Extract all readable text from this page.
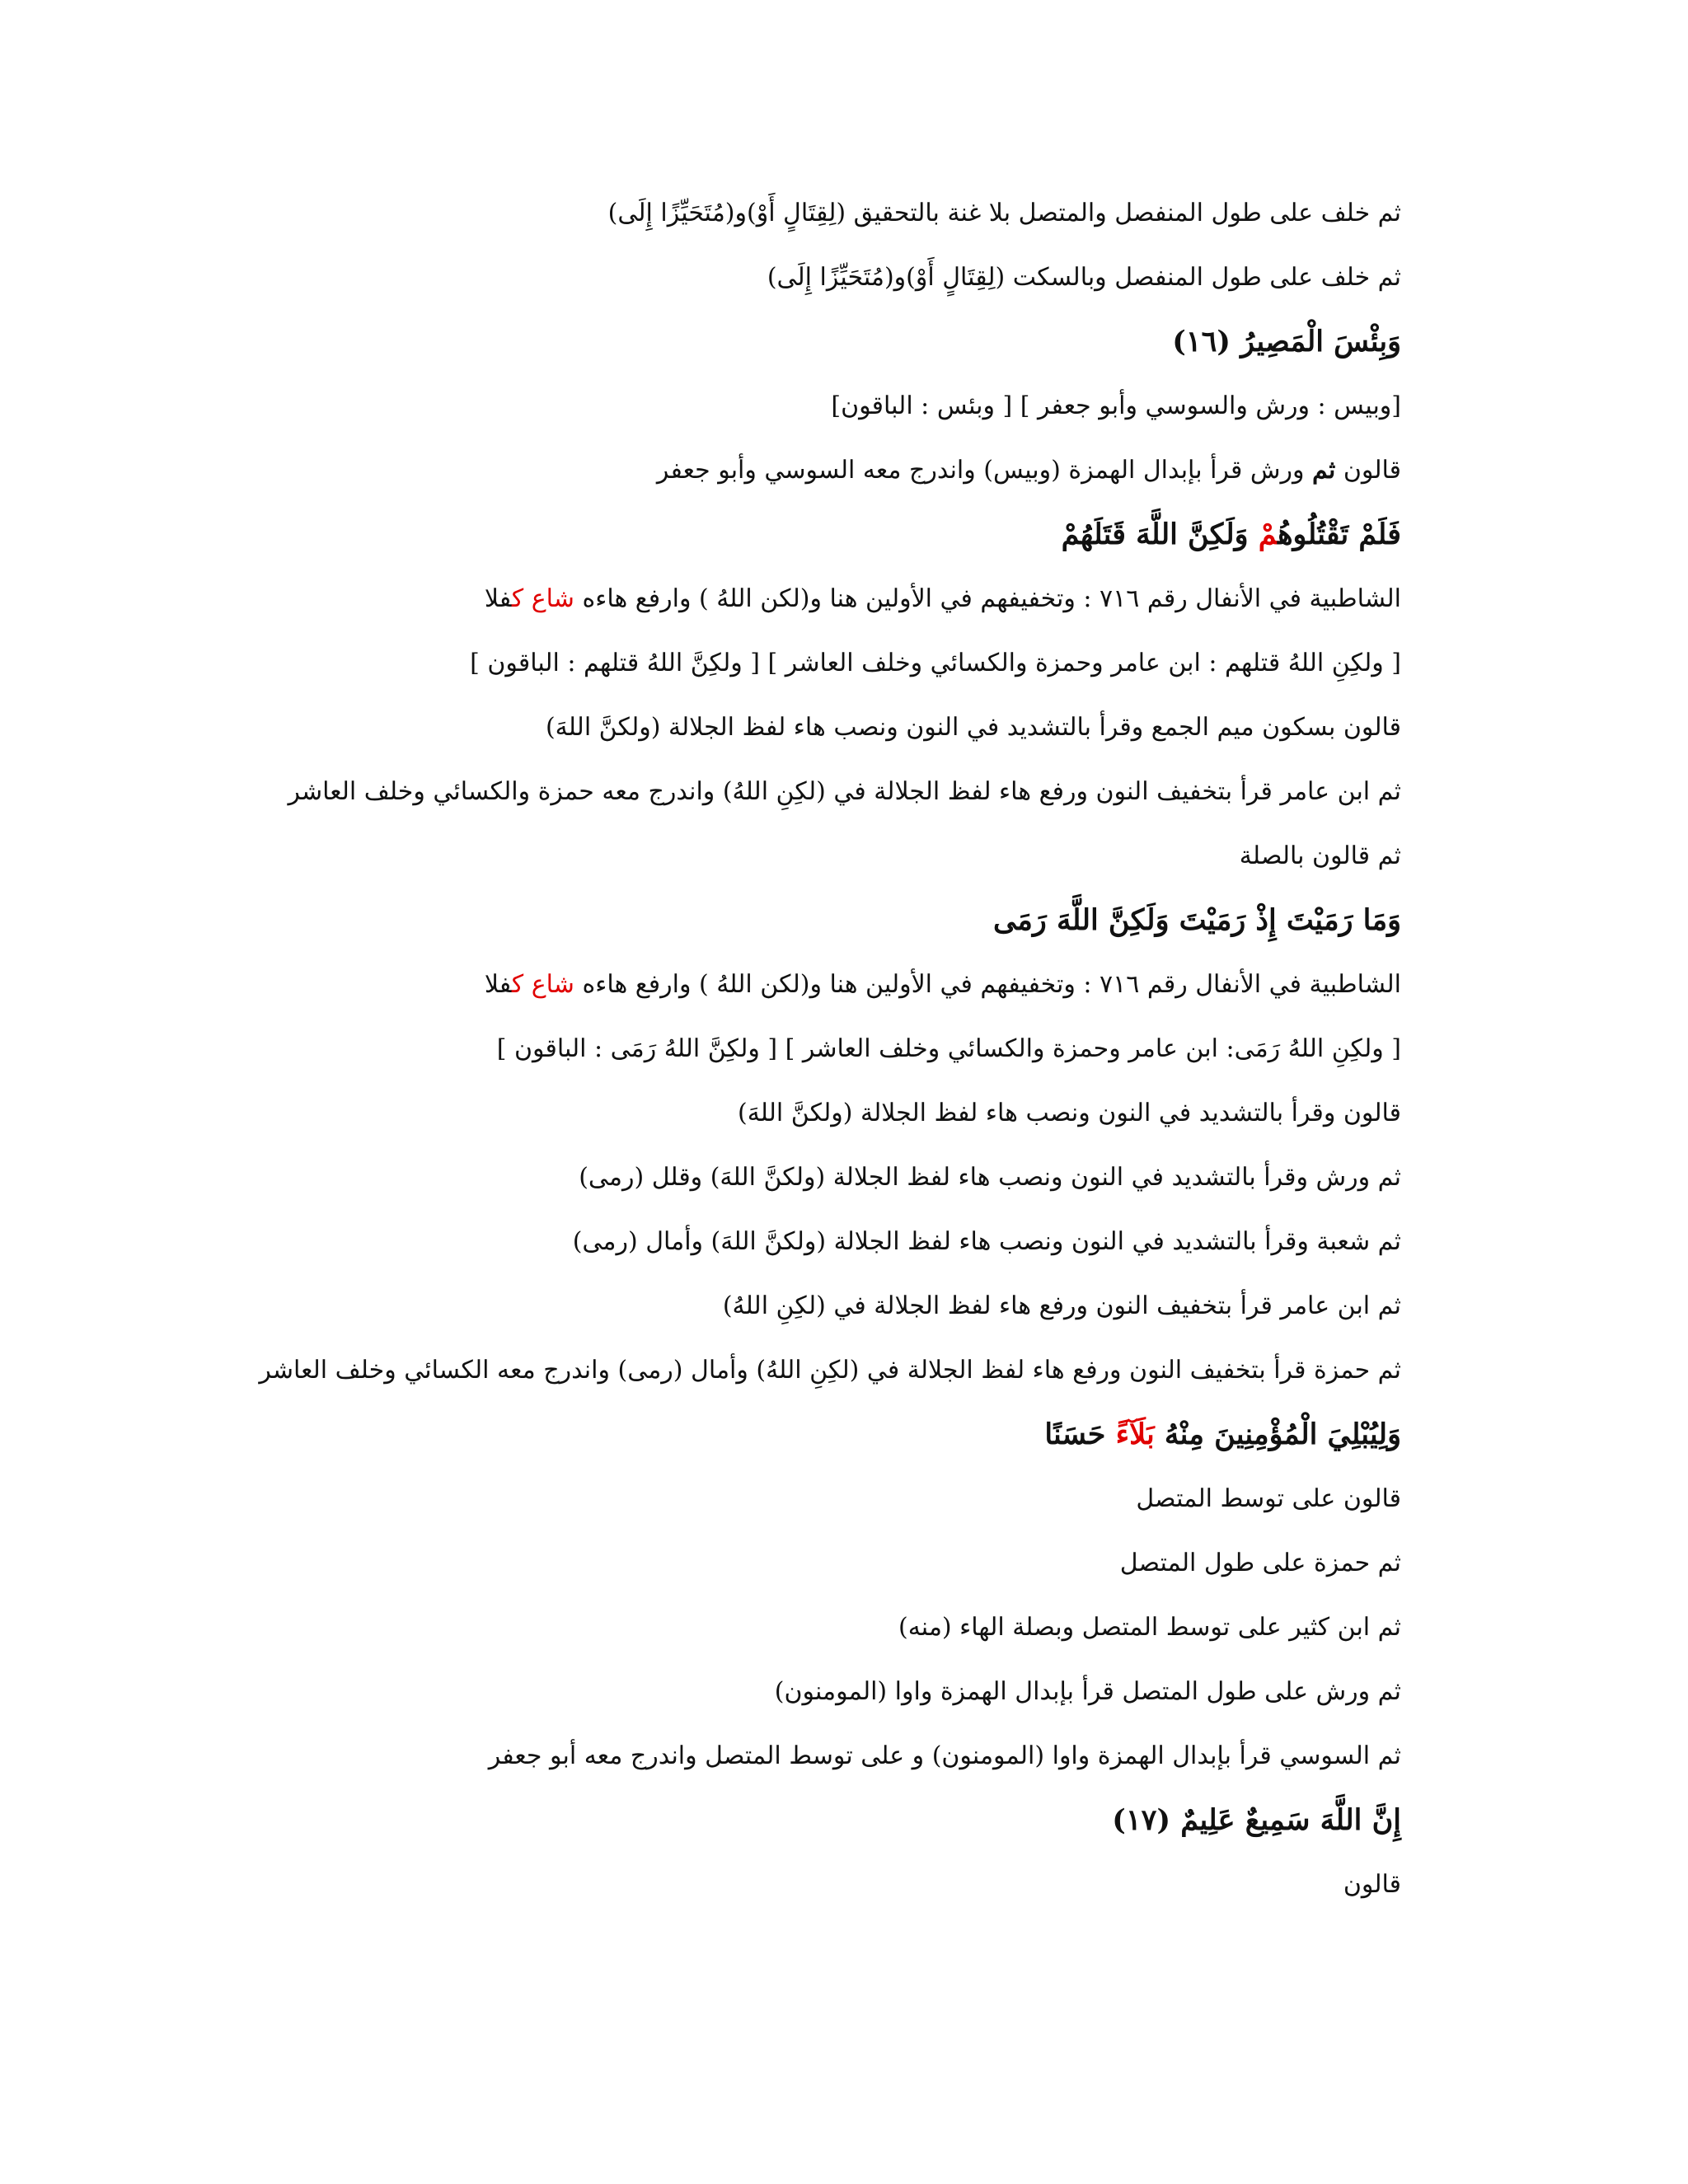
ثم خلف على طول المنفصل والمتصل بلا غنة بالتحقيق (لِقِتَالٍ أَوْ)و(مُتَحَيِّزًا إِلَى)
ثم خلف على طول المنفصل وبالسكت (لِقِتَالٍ أَوْ)و(مُتَحَيِّزًا إِلَى)
وَبِئْسَ الْمَصِيرُ (١٦)
[وبيس : ورش والسوسي وأبو جعفر ] [ وبئس : الباقون]
قالون ثم ورش قرأ بإبدال الهمزة (وبيس) واندرج معه السوسي وأبو جعفر
فَلَمْ تَقْتُلُوهُمْ وَلَكِنَّ اللَّهَ قَتَلَهُمْ
الشاطبية في الأنفال رقم ٧١٦ : وتخفيفهم في الأولين هنا و(لكن اللهُ ) وارفع هاءه شاع كفلا
[ ولكِنِ اللهُ قتلهم : ابن عامر وحمزة والكسائي وخلف العاشر ] [ ولكِنَّ اللهُ قتلهم : الباقون ]
قالون بسكون ميم الجمع وقرأ بالتشديد في النون ونصب هاء لفظ الجلالة (ولكنَّ اللهَ)
ثم ابن عامر قرأ بتخفيف النون ورفع هاء لفظ الجلالة في (لكِنِ اللهُ) واندرج معه حمزة والكسائي وخلف العاشر
ثم قالون بالصلة
وَمَا رَمَيْتَ إِذْ رَمَيْتَ وَلَكِنَّ اللَّهَ رَمَى
الشاطبية في الأنفال رقم ٧١٦ : وتخفيفهم في الأولين هنا و(لكن اللهُ ) وارفع هاءه شاع كفلا
[ ولكِنِ اللهُ رَمَى: ابن عامر وحمزة والكسائي وخلف العاشر ] [ ولكِنَّ اللهُ رَمَى : الباقون ]
قالون وقرأ بالتشديد في النون ونصب هاء لفظ الجلالة (ولكنَّ اللهَ)
ثم ورش وقرأ بالتشديد في النون ونصب هاء لفظ الجلالة (ولكنَّ اللهَ) وقلل (رمى)
ثم شعبة وقرأ بالتشديد في النون ونصب هاء لفظ الجلالة (ولكنَّ اللهَ) وأمال (رمى)
ثم ابن عامر قرأ بتخفيف النون ورفع هاء لفظ الجلالة في (لكِنِ اللهُ)
ثم حمزة قرأ بتخفيف النون ورفع هاء لفظ الجلالة في (لكِنِ اللهُ) وأمال (رمى) واندرج معه الكسائي وخلف العاشر
وَلِيُبْلِيَ الْمُؤْمِنِينَ مِنْهُ بَلَآءً حَسَنًا
قالون على توسط المتصل
ثم حمزة على طول المتصل
ثم ابن كثير على توسط المتصل وبصلة الهاء (منه)
ثم ورش على طول المتصل قرأ بإبدال الهمزة واوا (المومنون)
ثم السوسي قرأ بإبدال الهمزة واوا (المومنون) و على توسط المتصل واندرج معه أبو جعفر
إِنَّ اللَّهَ سَمِيعٌ عَلِيمٌ (١٧)
قالون
